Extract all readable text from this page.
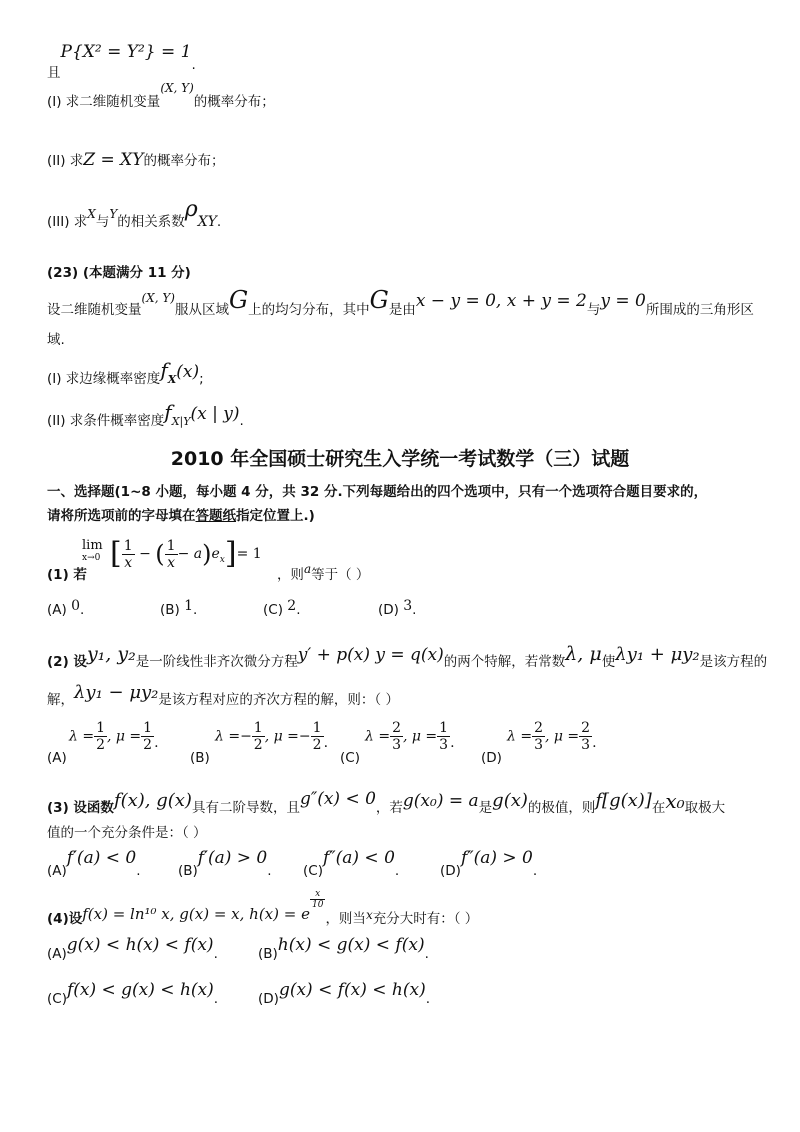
且P{X² = Y²} = 1.
(I) 求二维随机变量(X, Y)的概率分布；
(II) 求Z = XY的概率分布；
(III) 求X与Y的相关系数ρXY.
(23) (本题满分 11 分)
设二维随机变量(X, Y)服从区域G上的均匀分布，其中G是由x − y = 0, x + y = 2与y = 0所围成的三角形区
域.
(I) 求边缘概率密度fX(x);
(II) 求条件概率密度fX|Y(x | y).
2010 年全国硕士研究生入学统一考试数学（三）试题
一、选择题(1~8 小题，每小题 4 分，共 32 分.下列每题给出的四个选项中，只有一个选项符合题目要求的，
请将所选项前的字母填在答题纸指定位置上.)
lim
x→0 [ $\frac{1}{x}$ − ( $\frac{1}{x} - a)e^x]= 1$
(1) 若	，则a等于（ ）
(A) 0.	(B) 1.	(C) 2.	(D) 3.
(2) 设y₁, y₂是一阶线性非齐次微分方程y′ + p(x) y = q(x)的两个特解，若常数λ, μ使λy₁ + μy₂是该方程的
解，λy₁ − μy₂是该方程对应的齐次方程的解，则：（ ）
(A)
$\lambda = \frac{1}{2}$ , $\mu = \frac{1}{2}$ .
(B)
$\lambda =- \frac{1}{2}$ , $\mu =- \frac{1}{2}$ .
(C)
$\lambda = \frac{2}{3}$ , $\mu = \frac{1}{3}$ .
(D)
$\lambda = \frac{2}{3}$ , $\mu = \frac{2}{3}$ .
(3) 设函数f(x), g(x)具有二阶导数，且g″(x) < 0，若g(x₀) = a是g(x)的极值，则f[g(x)]在x₀取极大
值的一个充分条件是：（ ）
(A)f′(a) < 0.	(B)f′(a) > 0. (C)f″(a) < 0.	(D)f″(a) > 0.
(4)设f(x) = ln¹⁰ x, g(x) = x, h(x) = e
$\frac{x}{10}$
，则当x充分大时有：（ ）
(A)g(x) < h(x) < f(x).	(B)h(x) < g(x) < f(x).
(C)f(x) < g(x) < h(x).	(D)g(x) < f(x) < h(x).
